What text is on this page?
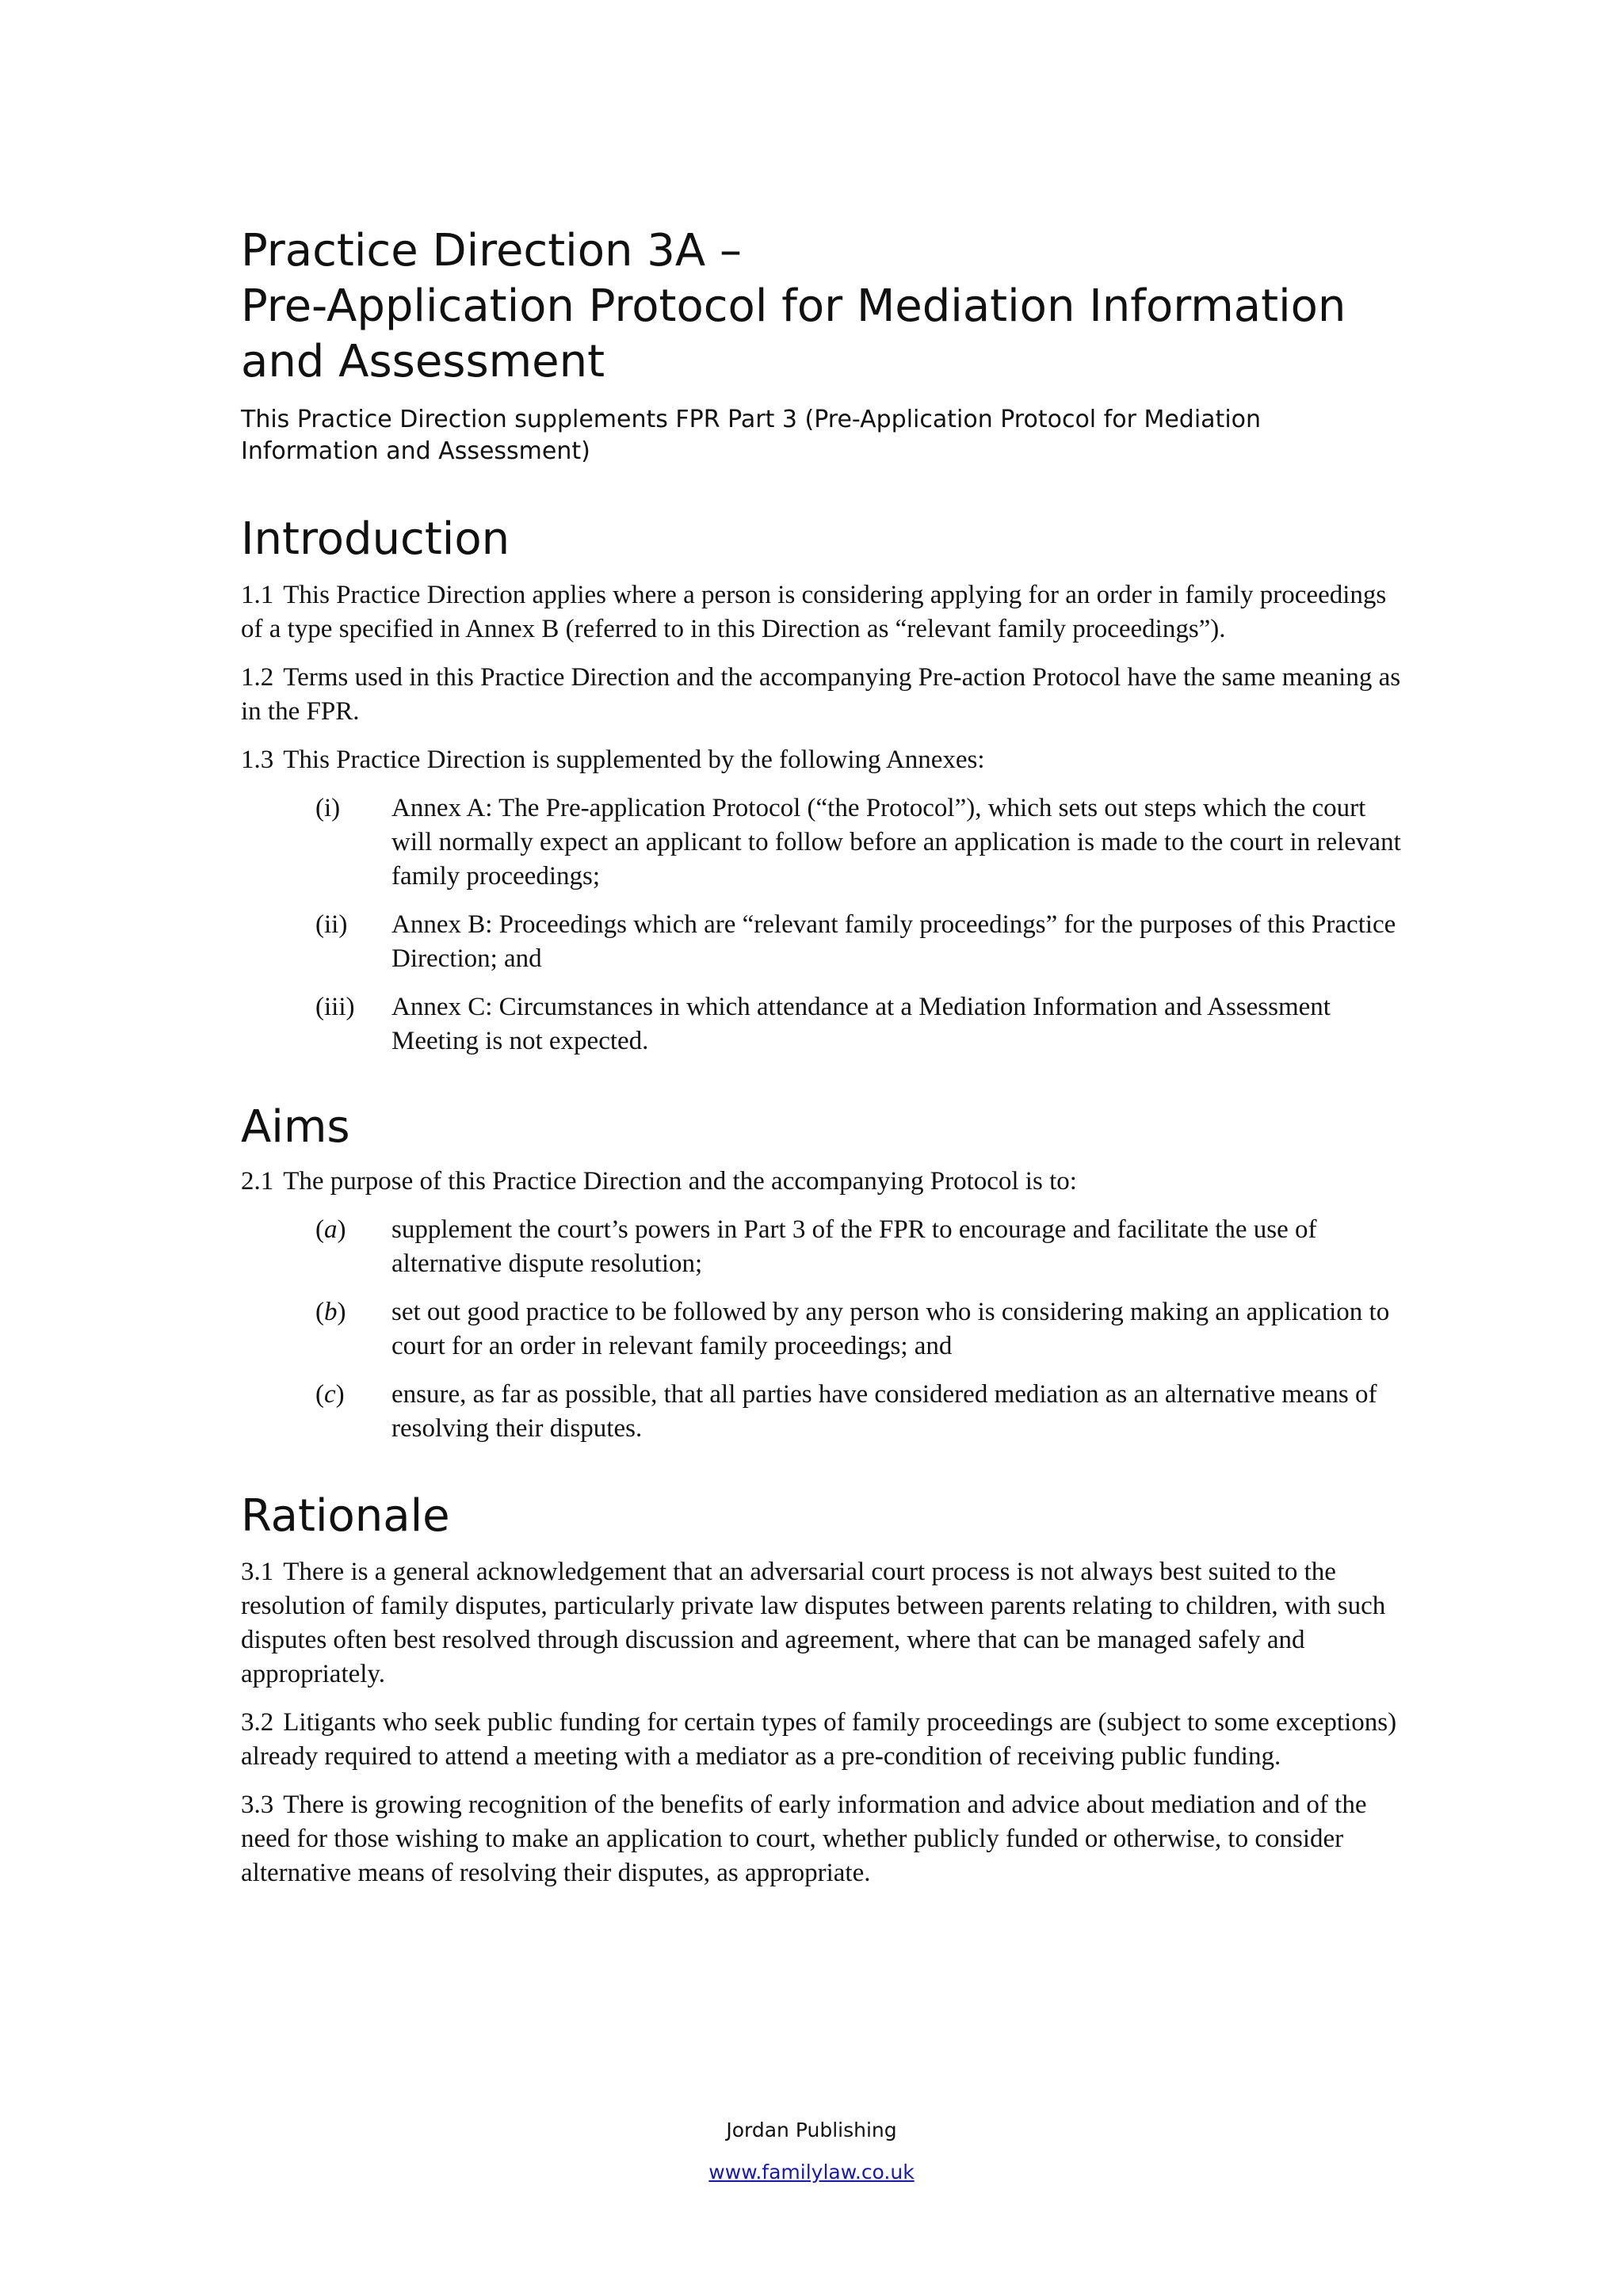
Practice Direction 3A –
Pre-Application Protocol for Mediation Information
and Assessment

This Practice Direction supplements FPR Part 3 (Pre-Application Protocol for Mediation Information and Assessment)

Introduction

1.1 This Practice Direction applies where a person is considering applying for an order in family proceedings of a type specified in Annex B (referred to in this Direction as “relevant family proceedings”).

1.2 Terms used in this Practice Direction and the accompanying Pre-action Protocol have the same meaning as in the FPR.

1.3 This Practice Direction is supplemented by the following Annexes:

(i)	Annex A: The Pre-application Protocol (“the Protocol”), which sets out steps which the court will normally expect an applicant to follow before an application is made to the court in relevant family proceedings;
(ii)	Annex B: Proceedings which are “relevant family proceedings” for the purposes of this Practice Direction; and
(iii)	Annex C: Circumstances in which attendance at a Mediation Information and Assessment Meeting is not expected.
Aims

2.1 The purpose of this Practice Direction and the accompanying Protocol is to:

(a)	supplement the court’s powers in Part 3 of the FPR to encourage and facilitate the use of alternative dispute resolution;
(b)	set out good practice to be followed by any person who is considering making an application to court for an order in relevant family proceedings; and
(c)	ensure, as far as possible, that all parties have considered mediation as an alternative means of resolving their disputes.
Rationale

3.1 There is a general acknowledgement that an adversarial court process is not always best suited to the resolution of family disputes, particularly private law disputes between parents relating to children, with such disputes often best resolved through discussion and agreement, where that can be managed safely and appropriately.

3.2 Litigants who seek public funding for certain types of family proceedings are (subject to some exceptions) already required to attend a meeting with a mediator as a pre-condition of receiving public funding.

3.3 There is growing recognition of the benefits of early information and advice about mediation and of the need for those wishing to make an application to court, whether publicly funded or otherwise, to consider alternative means of resolving their disputes, as appropriate.

Jordan Publishing
www.familylaw.co.uk
